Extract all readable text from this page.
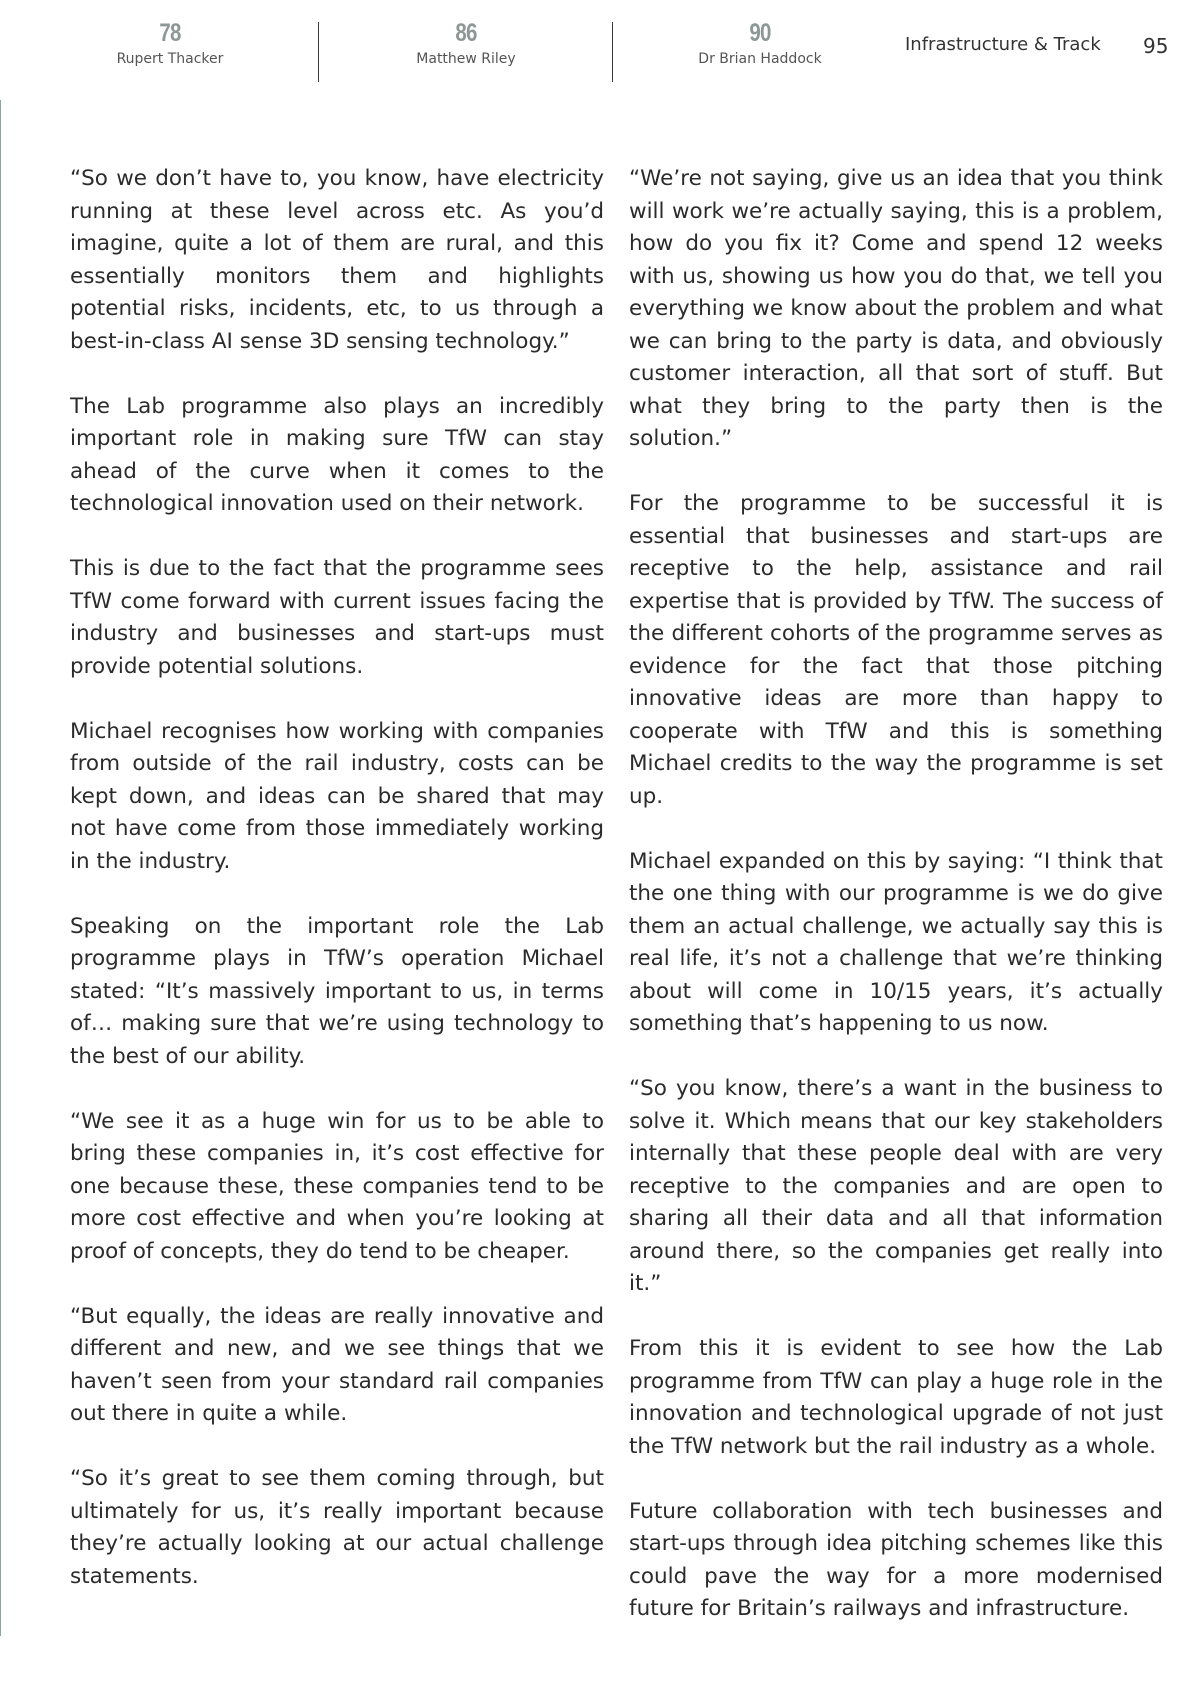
78
Rupert Thacker
86
Matthew Riley
90
Dr Brian Haddock
Infrastructure & Track 95

“So we don’t have to, you know, have electricity running at these level across etc. As you’d imagine, quite a lot of them are rural, and this essentially monitors them and highlights potential risks, incidents, etc, to us through a best-in-class AI sense 3D sensing technology.”

The Lab programme also plays an incredibly important role in making sure TfW can stay ahead of the curve when it comes to the technological innovation used on their network.

This is due to the fact that the programme sees TfW come forward with current issues facing the industry and businesses and start-ups must provide potential solutions.

Michael recognises how working with companies from outside of the rail industry, costs can be kept down, and ideas can be shared that may not have come from those immediately working in the industry.

Speaking on the important role the Lab programme plays in TfW’s operation Michael stated: “It’s massively important to us, in terms of… making sure that we’re using technology to the best of our ability.

“We see it as a huge win for us to be able to bring these companies in, it’s cost effective for one because these, these companies tend to be more cost effective and when you’re looking at proof of concepts, they do tend to be cheaper.

“But equally, the ideas are really innovative and different and new, and we see things that we haven’t seen from your standard rail companies out there in quite a while.

“So it’s great to see them coming through, but ultimately for us, it’s really important because they’re actually looking at our actual challenge statements.

“We’re not saying, give us an idea that you think will work we’re actually saying, this is a problem, how do you fix it? Come and spend 12 weeks with us, showing us how you do that, we tell you everything we know about the problem and what we can bring to the party is data, and obviously customer interaction, all that sort of stuff. But what they bring to the party then is the solution.”

For the programme to be successful it is essential that businesses and start-ups are receptive to the help, assistance and rail expertise that is provided by TfW. The success of the different cohorts of the programme serves as evidence for the fact that those pitching innovative ideas are more than happy to cooperate with TfW and this is something Michael credits to the way the programme is set up.

Michael expanded on this by saying: “I think that the one thing with our programme is we do give them an actual challenge, we actually say this is real life, it’s not a challenge that we’re thinking about will come in 10/15 years, it’s actually something that’s happening to us now.

“So you know, there’s a want in the business to solve it. Which means that our key stakeholders internally that these people deal with are very receptive to the companies and are open to sharing all their data and all that information around there, so the companies get really into it.”

From this it is evident to see how the Lab programme from TfW can play a huge role in the innovation and technological upgrade of not just the TfW network but the rail industry as a whole.

Future collaboration with tech businesses and start-ups through idea pitching schemes like this could pave the way for a more modernised future for Britain’s railways and infrastructure.
